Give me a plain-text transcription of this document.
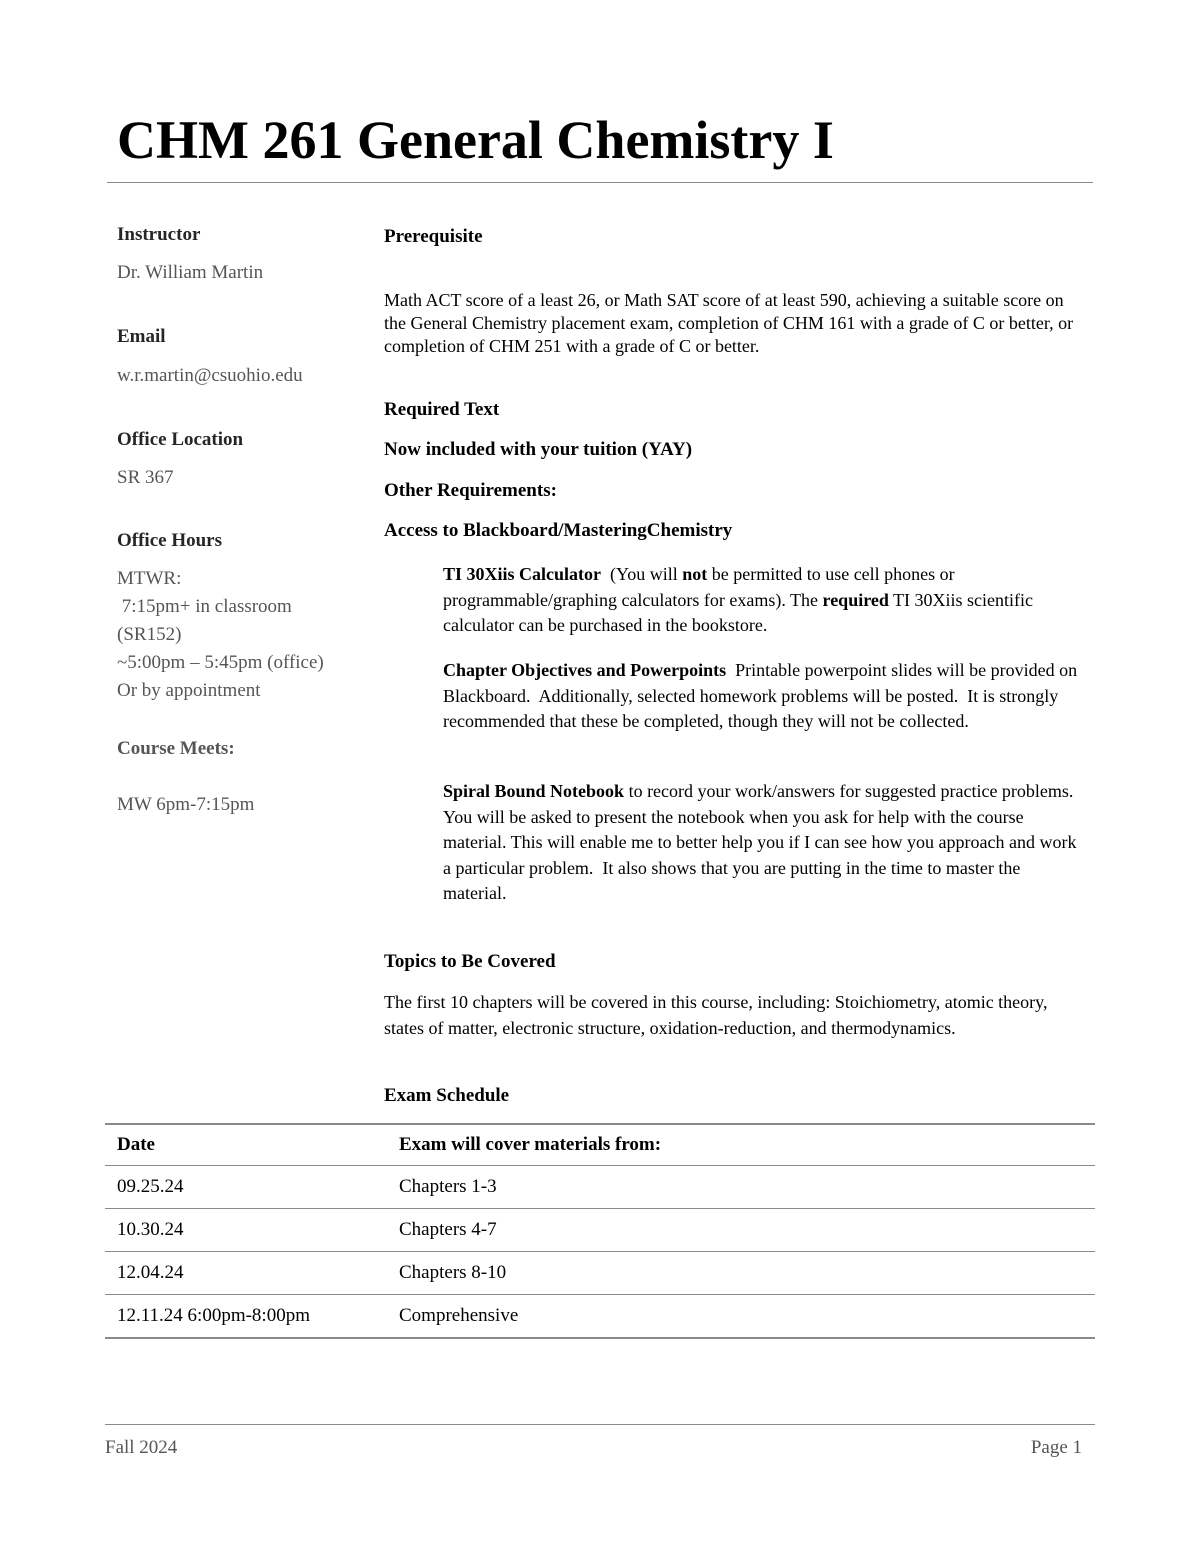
CHM 261 General Chemistry I
Instructor
Dr. William Martin
Email
w.r.martin@csuohio.edu
Office Location
SR 367
Office Hours
MTWR:
7:15pm+ in classroom
(SR152)
~5:00pm – 5:45pm (office)
Or by appointment
Course Meets:
MW 6pm-7:15pm
Prerequisite

Math ACT score of a least 26, or Math SAT score of at least 590, achieving a suitable score on the General Chemistry placement exam, completion of CHM 161 with a grade of C or better, or completion of CHM 251 with a grade of C or better.

Required Text
Now included with your tuition (YAY)
Other Requirements:
Access to Blackboard/MasteringChemistry

TI 30Xiis Calculator  (You will not be permitted to use cell phones or programmable/graphing calculators for exams). The required TI 30Xiis scientific calculator can be purchased in the bookstore.

Chapter Objectives and Powerpoints  Printable powerpoint slides will be provided on Blackboard.  Additionally, selected homework problems will be posted.  It is strongly recommended that these be completed, though they will not be collected.

Spiral Bound Notebook to record your work/answers for suggested practice problems. You will be asked to present the notebook when you ask for help with the course material. This will enable me to better help you if I can see how you approach and work a particular problem.  It also shows that you are putting in the time to master the material.

Topics to Be Covered

The first 10 chapters will be covered in this course, including: Stoichiometry, atomic theory, states of matter, electronic structure, oxidation-reduction, and thermodynamics.

Exam Schedule
Date	Exam will cover materials from:
09.25.24	Chapters 1-3
10.30.24	Chapters 4-7
12.04.24	Chapters 8-10
12.11.24 6:00pm-8:00pm	Comprehensive
Fall 2024	Page 1
